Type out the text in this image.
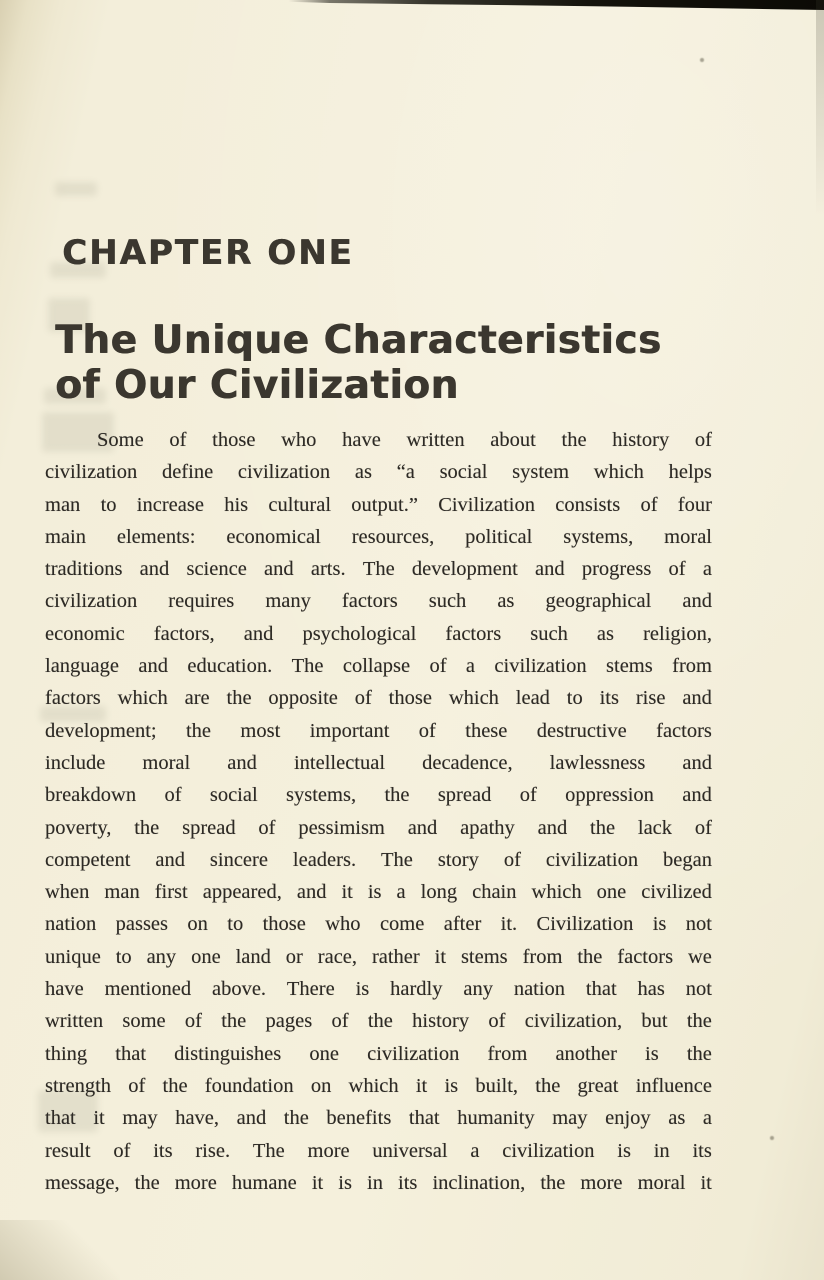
CHAPTER ONE
The Unique Characteristics
of Our Civilization
Some of those who have written about the history of
civilization define civilization as “a social system which helps
man to increase his cultural output.” Civilization consists of four
main elements: economical resources, political systems, moral
traditions and science and arts. The development and progress of a
civilization requires many factors such as geographical and
economic factors, and psychological factors such as religion,
language and education. The collapse of a civilization stems from
factors which are the opposite of those which lead to its rise and
development; the most important of these destructive factors
include moral and intellectual decadence, lawlessness and
breakdown of social systems, the spread of oppression and
poverty, the spread of pessimism and apathy and the lack of
competent and sincere leaders. The story of civilization began
when man first appeared, and it is a long chain which one civilized
nation passes on to those who come after it. Civilization is not
unique to any one land or race, rather it stems from the factors we
have mentioned above. There is hardly any nation that has not
written some of the pages of the history of civilization, but the
thing that distinguishes one civilization from another is the
strength of the foundation on which it is built, the great influence
that it may have, and the benefits that humanity may enjoy as a
result of its rise. The more universal a civilization is in its
message, the more humane it is in its inclination, the more moral it
